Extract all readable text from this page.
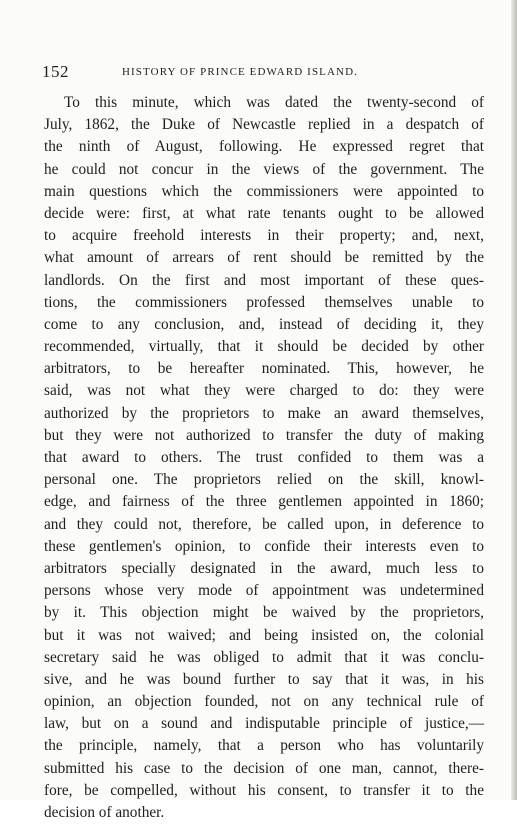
152	HISTORY OF PRINCE EDWARD ISLAND.
To this minute, which was dated the twenty-second of
July, 1862, the Duke of Newcastle replied in a despatch of
the ninth of August, following. He expressed regret that
he could not concur in the views of the government. The
main questions which the commissioners were appointed to
decide were: first, at what rate tenants ought to be allowed
to acquire freehold interests in their property; and, next,
what amount of arrears of rent should be remitted by the
landlords. On the first and most important of these ques-
tions, the commissioners professed themselves unable to
come to any conclusion, and, instead of deciding it, they
recommended, virtually, that it should be decided by other
arbitrators, to be hereafter nominated. This, however, he
said, was not what they were charged to do: they were
authorized by the proprietors to make an award themselves,
but they were not authorized to transfer the duty of making
that award to others. The trust confided to them was a
personal one. The proprietors relied on the skill, knowl-
edge, and fairness of the three gentlemen appointed in 1860;
and they could not, therefore, be called upon, in deference to
these gentlemen's opinion, to confide their interests even to
arbitrators specially designated in the award, much less to
persons whose very mode of appointment was undetermined
by it. This objection might be waived by the proprietors,
but it was not waived; and being insisted on, the colonial
secretary said he was obliged to admit that it was conclu-
sive, and he was bound further to say that it was, in his
opinion, an objection founded, not on any technical rule of
law, but on a sound and indisputable principle of justice,—
the principle, namely, that a person who has voluntarily
submitted his case to the decision of one man, cannot, there-
fore, be compelled, without his consent, to transfer it to the
decision of another.
